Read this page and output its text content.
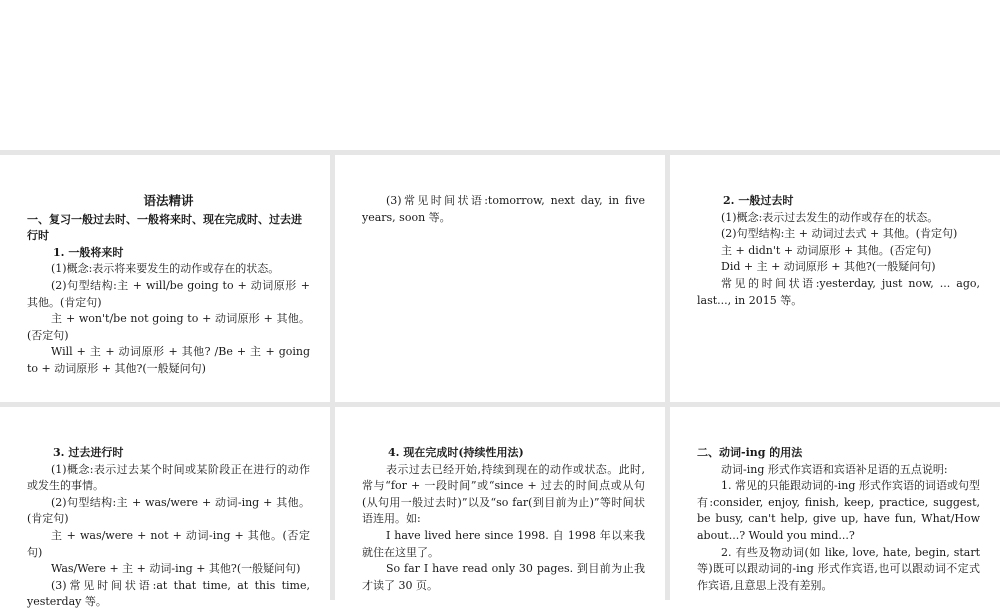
语法精讲
一、复习一般过去时、一般将来时、现在完成时、过去进行时
1. 一般将来时
(1)概念:表示将来要发生的动作或存在的状态。
(2)句型结构:主 + will/be going to + 动词原形 + 其他。(肯定句)
主 + won't/be not going to + 动词原形 + 其他。(否定句)
Will + 主 + 动词原形 + 其他? /Be + 主 + going to + 动词原形 + 其他?(一般疑问句)
(3)常见时间状语:tomorrow, next day, in five years, soon 等。
2. 一般过去时
(1)概念:表示过去发生的动作或存在的状态。
(2)句型结构:主 + 动词过去式 + 其他。(肯定句)
主 + didn't + 动词原形 + 其他。(否定句)
Did + 主 + 动词原形 + 其他?(一般疑问句)
常见的时间状语:yesterday, just now, ... ago, last..., in 2015 等。
3. 过去进行时
(1)概念:表示过去某个时间或某阶段正在进行的动作或发生的事情。
(2)句型结构:主 + was/were + 动词-ing + 其他。(肯定句)
主 + was/were + not + 动词-ing + 其他。(否定句)
Was/Were + 主 + 动词-ing + 其他?(一般疑问句)
(3)常见时间状语:at that time, at this time, yesterday 等。
4. 现在完成时(持续性用法)
表示过去已经开始,持续到现在的动作或状态。此时,常与“for + 一段时间”或“since + 过去的时间点或从句(从句用一般过去时)”以及“so far(到目前为止)”等时间状语连用。如:
I have lived here since 1998. 自 1998 年以来我就住在这里了。
So far I have read only 30 pages. 到目前为止我才读了 30 页。
二、动词-ing 的用法
动词-ing 形式作宾语和宾语补足语的五点说明:
1. 常见的只能跟动词的-ing 形式作宾语的词语或句型有:consider, enjoy, finish, keep, practice, suggest, be busy, can't help, give up, have fun, What/How about...? Would you mind...?
2. 有些及物动词(如 like, love, hate, begin, start 等)既可以跟动词的-ing 形式作宾语,也可以跟动词不定式作宾语,且意思上没有差别。
